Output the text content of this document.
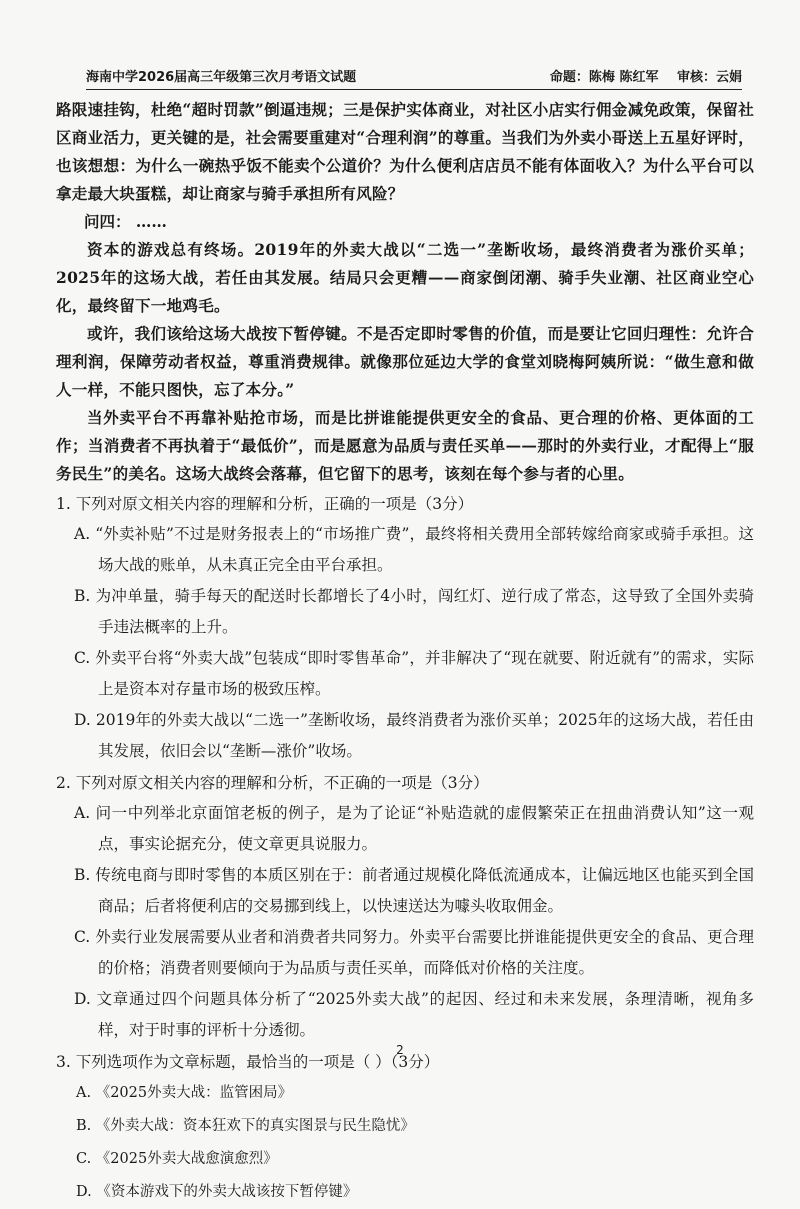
海南中学2026届高三年级第三次月考语文试题	命题：陈梅 陈红军 审核：云娟

路限速挂钩，杜绝“超时罚款”倒逼违规；三是保护实体商业，对社区小店实行佣金减免政策，保留社区商业活力，更关键的是，社会需要重建对“合理利润”的尊重。当我们为外卖小哥送上五星好评时，也该想想：为什么一碗热乎饭不能卖个公道价？为什么便利店店员不能有体面收入？为什么平台可以拿走最大块蛋糕，却让商家与骑手承担所有风险？

问四： ……

资本的游戏总有终场。2019年的外卖大战以“二选一”垄断收场，最终消费者为涨价买单；2025年的这场大战，若任由其发展。结局只会更糟——商家倒闭潮、骑手失业潮、社区商业空心化，最终留下一地鸡毛。

或许，我们该给这场大战按下暂停键。不是否定即时零售的价值，而是要让它回归理性：允许合理利润，保障劳动者权益，尊重消费规律。就像那位延边大学的食堂刘晓梅阿姨所说：“做生意和做人一样，不能只图快，忘了本分。”

当外卖平台不再靠补贴抢市场，而是比拼谁能提供更安全的食品、更合理的价格、更体面的工作；当消费者不再执着于“最低价”，而是愿意为品质与责任买单——那时的外卖行业，才配得上“服务民生”的美名。这场大战终会落幕，但它留下的思考，该刻在每个参与者的心里。

1. 下列对原文相关内容的理解和分析，正确的一项是（3分）

A. “外卖补贴”不过是财务报表上的“市场推广费”，最终将相关费用全部转嫁给商家或骑手承担。这场大战的账单，从未真正完全由平台承担。

B. 为冲单量，骑手每天的配送时长都增长了4小时，闯红灯、逆行成了常态，这导致了全国外卖骑手违法概率的上升。

C. 外卖平台将“外卖大战”包装成“即时零售革命”，并非解决了“现在就要、附近就有”的需求，实际上是资本对存量市场的极致压榨。

D. 2019年的外卖大战以“二选一”垄断收场，最终消费者为涨价买单；2025年的这场大战，若任由其发展，依旧会以“垄断—涨价”收场。

2. 下列对原文相关内容的理解和分析，不正确的一项是（3分）

A. 问一中列举北京面馆老板的例子，是为了论证“补贴造就的虚假繁荣正在扭曲消费认知”这一观点，事实论据充分，使文章更具说服力。

B. 传统电商与即时零售的本质区别在于：前者通过规模化降低流通成本，让偏远地区也能买到全国商品；后者将便利店的交易挪到线上，以快速送达为噱头收取佣金。

C. 外卖行业发展需要从业者和消费者共同努力。外卖平台需要比拼谁能提供更安全的食品、更合理的价格；消费者则要倾向于为品质与责任买单，而降低对价格的关注度。

D. 文章通过四个问题具体分析了“2025外卖大战”的起因、经过和未来发展，条理清晰，视角多样，对于时事的评析十分透彻。

3. 下列选项作为文章标题，最恰当的一项是（ ）（3分）

A. 《2025外卖大战：监管困局》

B. 《外卖大战：资本狂欢下的真实图景与民生隐忧》

C. 《2025外卖大战愈演愈烈》

D. 《资本游戏下的外卖大战该按下暂停键》

2
